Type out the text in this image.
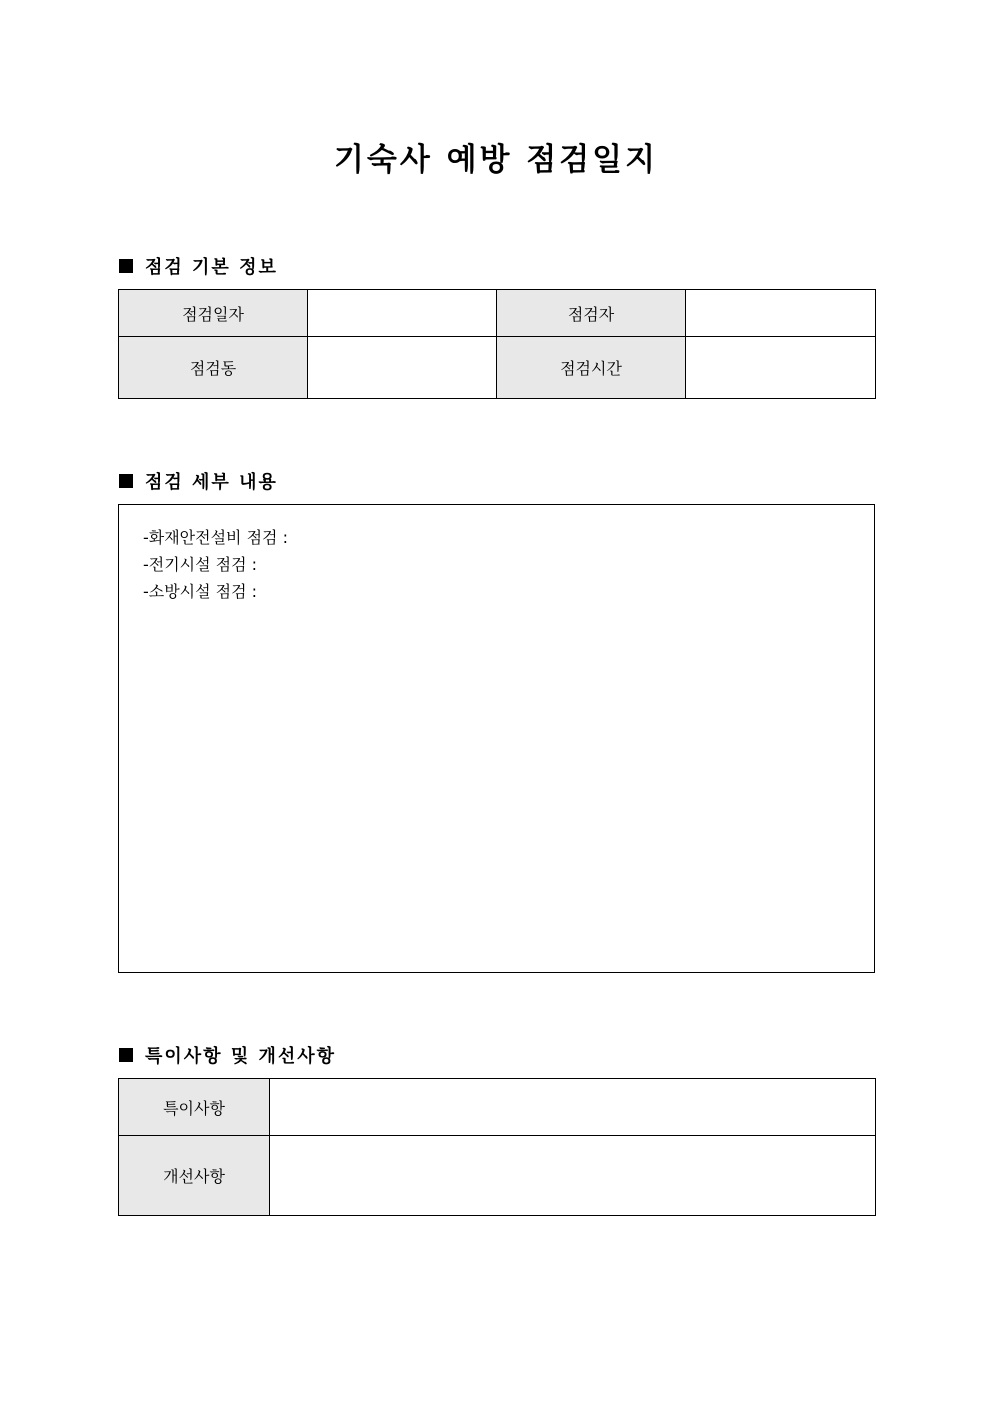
기숙사 예방 점검일지
점검 기본 정보
점검일자		점검자	
점검동		점검시간	
점검 세부 내용
-화재안전설비 점검 :
-전기시설 점검 :
-소방시설 점검 :
특이사항 및 개선사항
특이사항	
개선사항	
